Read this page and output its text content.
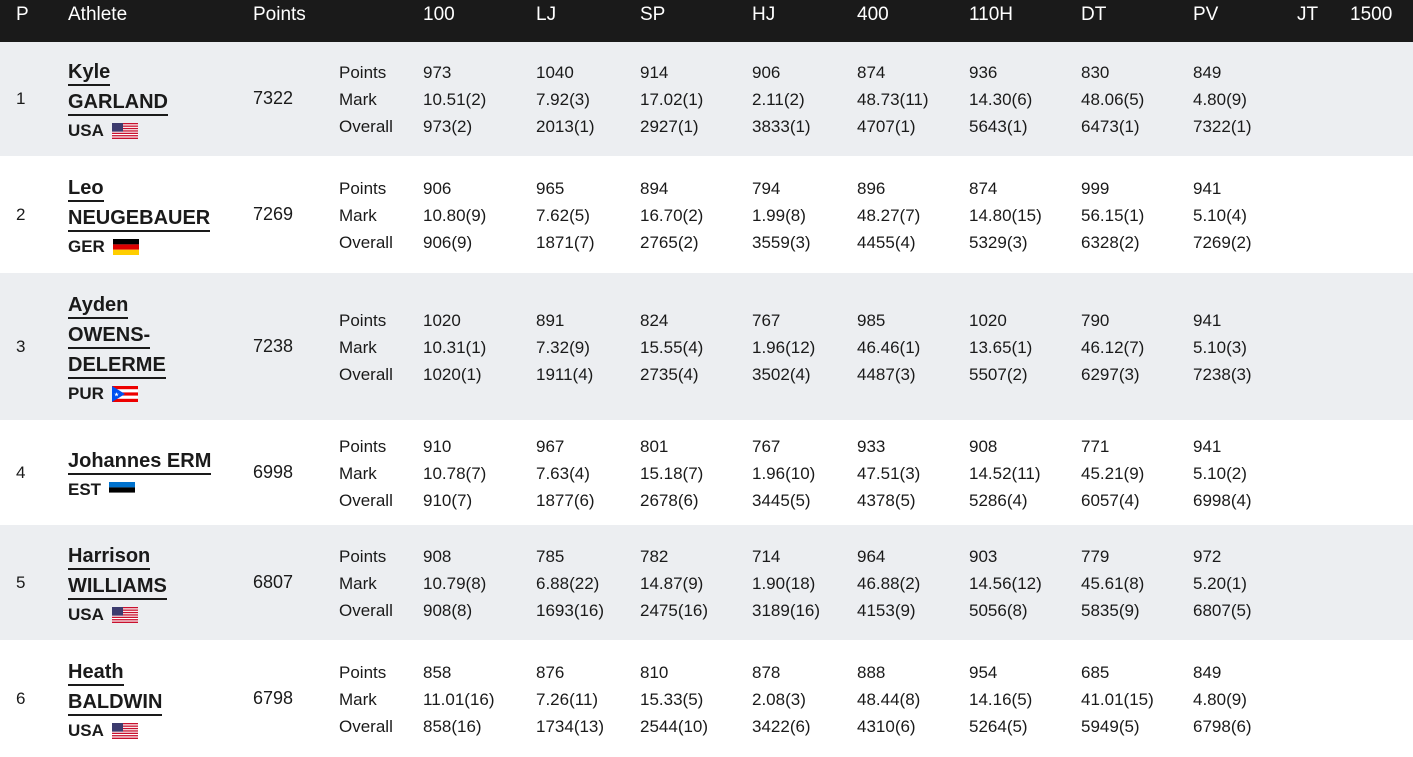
P Athlete	Points	100	LJ	SP	HJ	400	110H	DT	PV	JT 1500
1
Kyle
GARLAND
USA
7322
Points 973	1040	914	906	874	936	830	849
Mark	10.51(2)	7.92(3)	17.02(1)	2.11(2)	48.73(11) 14.30(6)	48.06(5)	4.80(9)
Overall 973(2)	2013(1)	2927(1)	3833(1)	4707(1)	5643(1)	6473(1)	7322(1)
2
Leo
NEUGEBAUER
GER
7269
Points 906	965	894	794	896	874	999	941
Mark	10.80(9)	7.62(5)	16.70(2)	1.99(8)	48.27(7)	14.80(15) 56.15(1)	5.10(4)
Overall 906(9)	1871(7)	2765(2)	3559(3)	4455(4)	5329(3)	6328(2)	7269(2)
3
Ayden
OWENS-
DELERME
PUR
7238
Points 1020	891	824	767	985	1020	790	941
Mark	10.31(1)	7.32(9)	15.55(4)	1.96(12) 46.46(1)	13.65(1)	46.12(7)	5.10(3)
Overall 1020(1)	1911(4)	2735(4)	3502(4)	4487(3)	5507(2)	6297(3)	7238(3)
4
Johannes ERM
EST
6998
Points 910	967	801	767	933	908	771	941
Mark	10.78(7)	7.63(4)	15.18(7)	1.96(10) 47.51(3)	14.52(11) 45.21(9)	5.10(2)
Overall 910(7)	1877(6)	2678(6)	3445(5)	4378(5)	5286(4)	6057(4)	6998(4)
5
Harrison
WILLIAMS
USA
6807
Points 908	785	782	714	964	903	779	972
Mark	10.79(8)	6.88(22) 14.87(9)	1.90(18) 46.88(2)	14.56(12) 45.61(8)	5.20(1)
Overall 908(8)	1693(16) 2475(16)	3189(16) 4153(9)	5056(8)	5835(9)	6807(5)
6
Heath
BALDWIN
USA
6798
Points 858	876	810	878	888	954	685	849
Mark	11.01(16) 7.26(11) 15.33(5)	2.08(3)	48.44(8)	14.16(5)	41.01(15) 4.80(9)
Overall 858(16)	1734(13) 2544(10)	3422(6)	4310(6)	5264(5)	5949(5)	6798(6)
